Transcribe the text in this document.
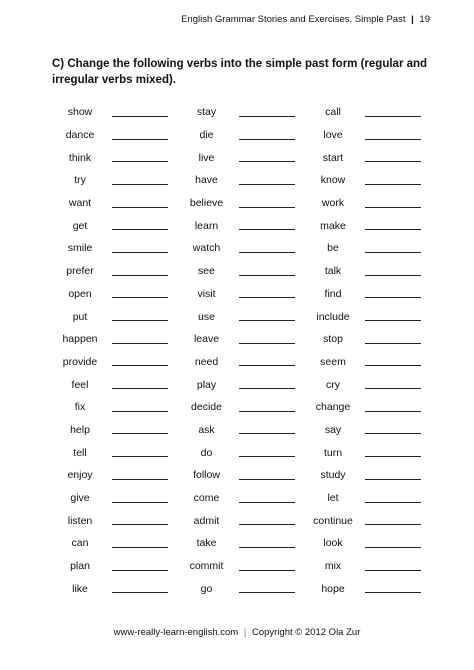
English Grammar Stories and Exercises, Simple Past | 19
C) Change the following verbs into the simple past form (regular and irregular verbs mixed).
show	stay	call
dance	die	love
think	live	start
try	have	know
want	believe	work
get	learn	make
smile	watch	be
prefer	see	talk
open	visit	find
put	use	include
happen	leave	stop
provide	need	seem
feel	play	cry
fix	decide	change
help	ask	say
tell	do	turn
enjoy	follow	study
give	come	let
listen	admit	continue
can	take	look
plan	commit	mix
like	go	hope
www-really-learn-english.com | Copyright © 2012 Ola Zur
